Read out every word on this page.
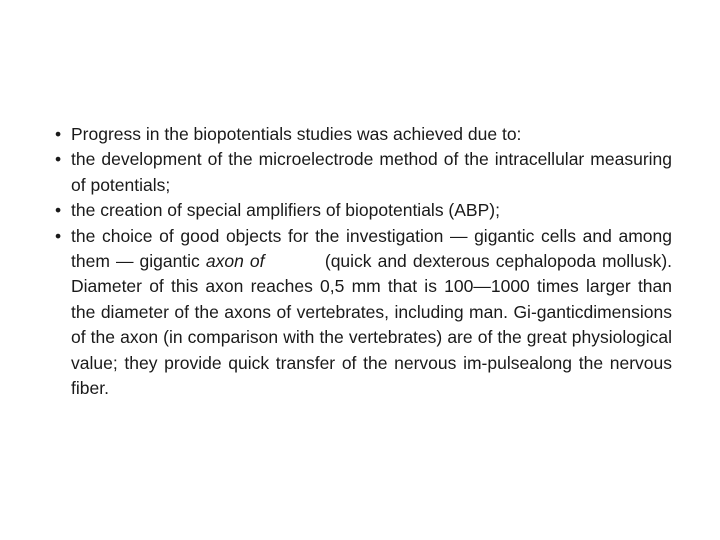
• Progress in the biopotentials studies was achieved due to:
• the development of the microelectrode method of the intracellular measuring of potentials;
• the creation of special amplifiers of biopotentials (ABP);
• the choice of good objects for the investigation — gigantic cells and among them — gigantic axon of          (quick and dexterous cephalopoda mollusk). Diameter of this axon reaches 0,5 mm that is 100—1000 times larger than the diameter of the axons of vertebrates, including man. Gi-ganticdimensions of the axon (in comparison with the vertebrates) are of the great physiological value; they provide quick transfer of the nervous im-pulsealong the nervous fiber.
